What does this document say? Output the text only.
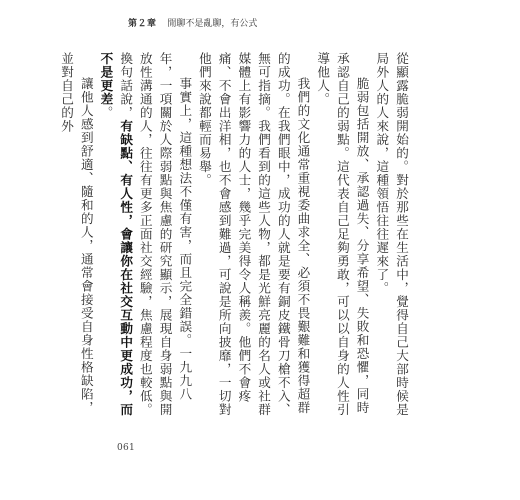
第２章 閒聊不是亂聊，有公式

從顯露脆弱開始的。對於那些在生活中，覺得自己大部時候是局外人的人來說，這種領悟往往遲來了。

脆弱包括開放、承認過失、分享希望、失敗和恐懼，同時承認自己的弱點。這代表自己足夠勇敢，可以以自身的人性引導他人。

我們的文化通常重視委曲求全、必須不畏艱難和獲得超群的成功。在我們眼中，成功的人就是要有銅皮鐵骨刀槍不入、無可指摘。我們看到的這些人物，都是光鮮亮麗的名人或社群媒體上有影響力的人士，幾乎完美得令人稱羨。他們不會疼痛、不會出洋相，也不會感到難過，可說是所向披靡，一切對他們來說都輕而易舉。

事實上，這種想法不僅有害，而且完全錯誤。一九九八年，一項關於人際弱點與焦慮的研究顯示，展現自身弱點與開放性溝通的人，往往有更多正面社交經驗，焦慮程度也較低。換句話說，有缺點、有人性，會讓你在社交互動中更成功，而不是更差。

讓他人感到舒適、隨和的人，通常會接受自身性格缺陷，並對自己的外

061
